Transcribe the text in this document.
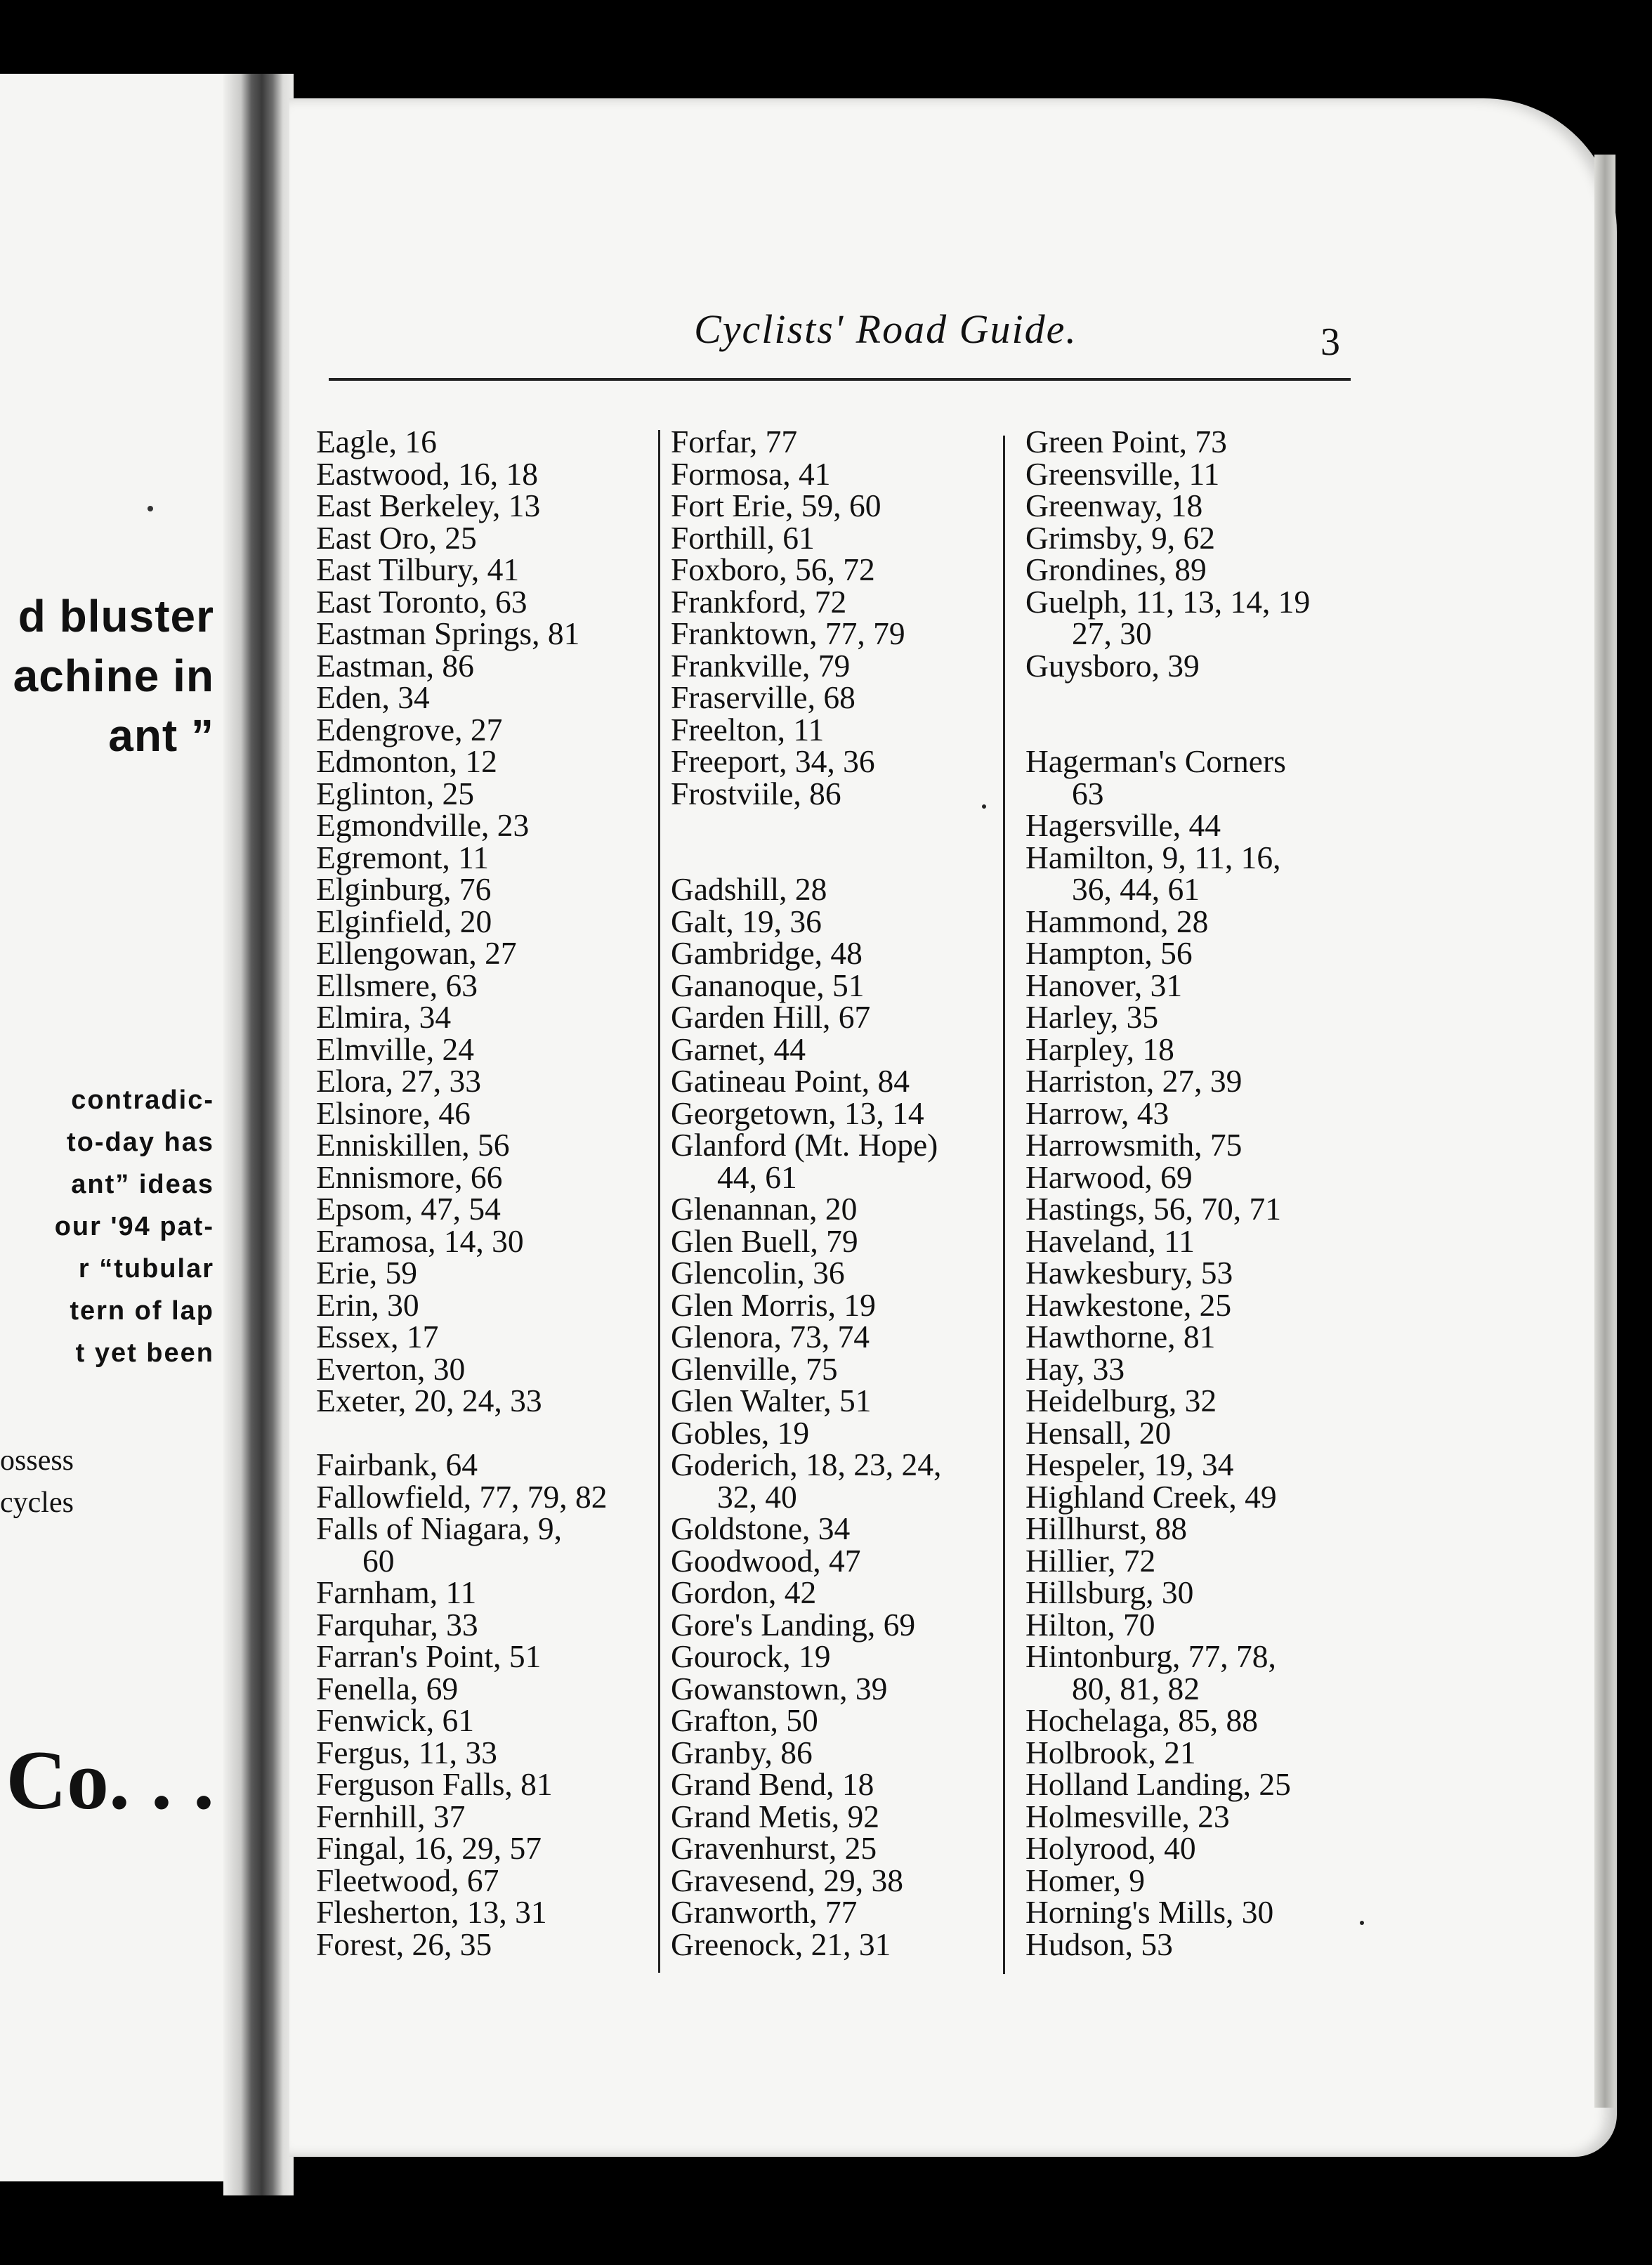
d bluster
achine in
ant ”
contradic-
to-day has
ant” ideas
our '94 pat-
r “tubular
tern of lap
t yet been
ossess
cycles
Co. . .
Cyclists' Road Guide.	3
Eagle, 16
Eastwood, 16, 18
East Berkeley, 13
East Oro, 25
East Tilbury, 41
East Toronto, 63
Eastman Springs, 81
Eastman, 86
Eden, 34
Edengrove, 27
Edmonton, 12
Eglinton, 25
Egmondville, 23
Egremont, 11
Elginburg, 76
Elginfield, 20
Ellengowan, 27
Ellsmere, 63
Elmira, 34
Elmville, 24
Elora, 27, 33
Elsinore, 46
Enniskillen, 56
Ennismore, 66
Epsom, 47, 54
Eramosa, 14, 30
Erie, 59
Erin, 30
Essex, 17
Everton, 30
Exeter, 20, 24, 33
Fairbank, 64
Fallowfield, 77, 79, 82
Falls of Niagara, 9,
60
Farnham, 11
Farquhar, 33
Farran's Point, 51
Fenella, 69
Fenwick, 61
Fergus, 11, 33
Ferguson Falls, 81
Fernhill, 37
Fingal, 16, 29, 57
Fleetwood, 67
Flesherton, 13, 31
Forest, 26, 35
Forfar, 77
Formosa, 41
Fort Erie, 59, 60
Forthill, 61
Foxboro, 56, 72
Frankford, 72
Franktown, 77, 79
Frankville, 79
Fraserville, 68
Freelton, 11
Freeport, 34, 36
Frostviile, 86
Gadshill, 28
Galt, 19, 36
Gambridge, 48
Gananoque, 51
Garden Hill, 67
Garnet, 44
Gatineau Point, 84
Georgetown, 13, 14
Glanford (Mt. Hope)
44, 61
Glenannan, 20
Glen Buell, 79
Glencolin, 36
Glen Morris, 19
Glenora, 73, 74
Glenville, 75
Glen Walter, 51
Gobles, 19
Goderich, 18, 23, 24,
32, 40
Goldstone, 34
Goodwood, 47
Gordon, 42
Gore's Landing, 69
Gourock, 19
Gowanstown, 39
Grafton, 50
Granby, 86
Grand Bend, 18
Grand Metis, 92
Gravenhurst, 25
Gravesend, 29, 38
Granworth, 77
Greenock, 21, 31
Green Point, 73
Greensville, 11
Greenway, 18
Grimsby, 9, 62
Grondines, 89
Guelph, 11, 13, 14, 19
27, 30
Guysboro, 39
Hagerman's Corners
63
Hagersville, 44
Hamilton, 9, 11, 16,
36, 44, 61
Hammond, 28
Hampton, 56
Hanover, 31
Harley, 35
Harpley, 18
Harriston, 27, 39
Harrow, 43
Harrowsmith, 75
Harwood, 69
Hastings, 56, 70, 71
Haveland, 11
Hawkesbury, 53
Hawkestone, 25
Hawthorne, 81
Hay, 33
Heidelburg, 32
Hensall, 20
Hespeler, 19, 34
Highland Creek, 49
Hillhurst, 88
Hillier, 72
Hillsburg, 30
Hilton, 70
Hintonburg, 77, 78,
80, 81, 82
Hochelaga, 85, 88
Holbrook, 21
Holland Landing, 25
Holmesville, 23
Holyrood, 40
Homer, 9
Horning's Mills, 30
Hudson, 53
